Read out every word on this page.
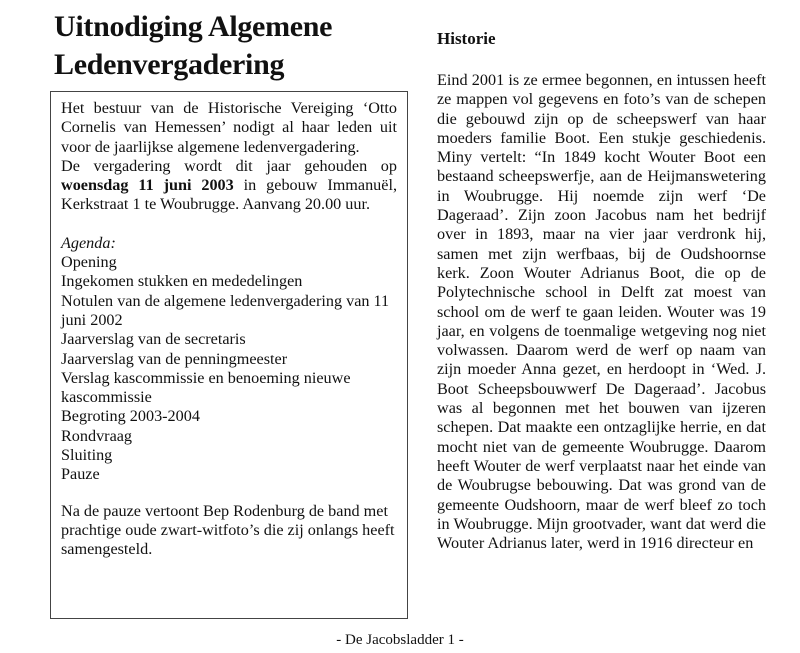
Uitnodiging Algemene Ledenvergadering

Het bestuur van de Historische Vereiging ‘Otto Cornelis van Hemessen’ nodigt al haar leden uit voor de jaarlijkse algemene ledenvergadering.

De vergadering wordt dit jaar gehouden op woensdag 11 juni 2003 in gebouw Immanuël, Kerkstraat 1 te Woubrugge. Aanvang 20.00 uur.

Agenda:
Opening
Ingekomen stukken en mededelingen
Notulen van de algemene ledenvergadering van 11 juni 2002
Jaarverslag van de secretaris
Jaarverslag van de penningmeester
Verslag kascommissie en benoeming nieuwe kascommissie
Begroting 2003-2004
Rondvraag
Sluiting
Pauze

Na de pauze vertoont Bep Rodenburg de band met prachtige oude zwart-witfoto’s die zij onlangs heeft samengesteld.

Historie

Eind 2001 is ze ermee begonnen, en intussen heeft ze mappen vol gegevens en foto’s van de schepen die gebouwd zijn op de scheepswerf van haar moeders familie Boot. Een stukje geschiedenis. Miny vertelt: “In 1849 kocht Wouter Boot een bestaand scheepswerfje, aan de Heijmanswetering in Woubrugge. Hij noemde zijn werf ‘De Dageraad’. Zijn zoon Jacobus nam het bedrijf over in 1893, maar na vier jaar verdronk hij, samen met zijn werfbaas, bij de Oudshoornse kerk. Zoon Wouter Adrianus Boot, die op de Polytechnische school in Delft zat moest van school om de werf te gaan leiden. Wouter was 19 jaar, en volgens de toenmalige wetgeving nog niet volwassen. Daarom werd de werf op naam van zijn moeder Anna gezet, en herdoopt in ‘Wed. J. Boot Scheepsbouwwerf De Dageraad’. Jacobus was al begonnen met het bouwen van ijzeren schepen. Dat maakte een ontzaglijke herrie, en dat mocht niet van de gemeente Woubrugge. Daarom heeft Wouter de werf verplaatst naar het einde van de Woubrugse bebouwing. Dat was grond van de gemeente Oudshoorn, maar de werf bleef zo toch in Woubrugge. Mijn grootvader, want dat werd die Wouter Adrianus later, werd in 1916 directeur en

- De Jacobsladder 1 -
